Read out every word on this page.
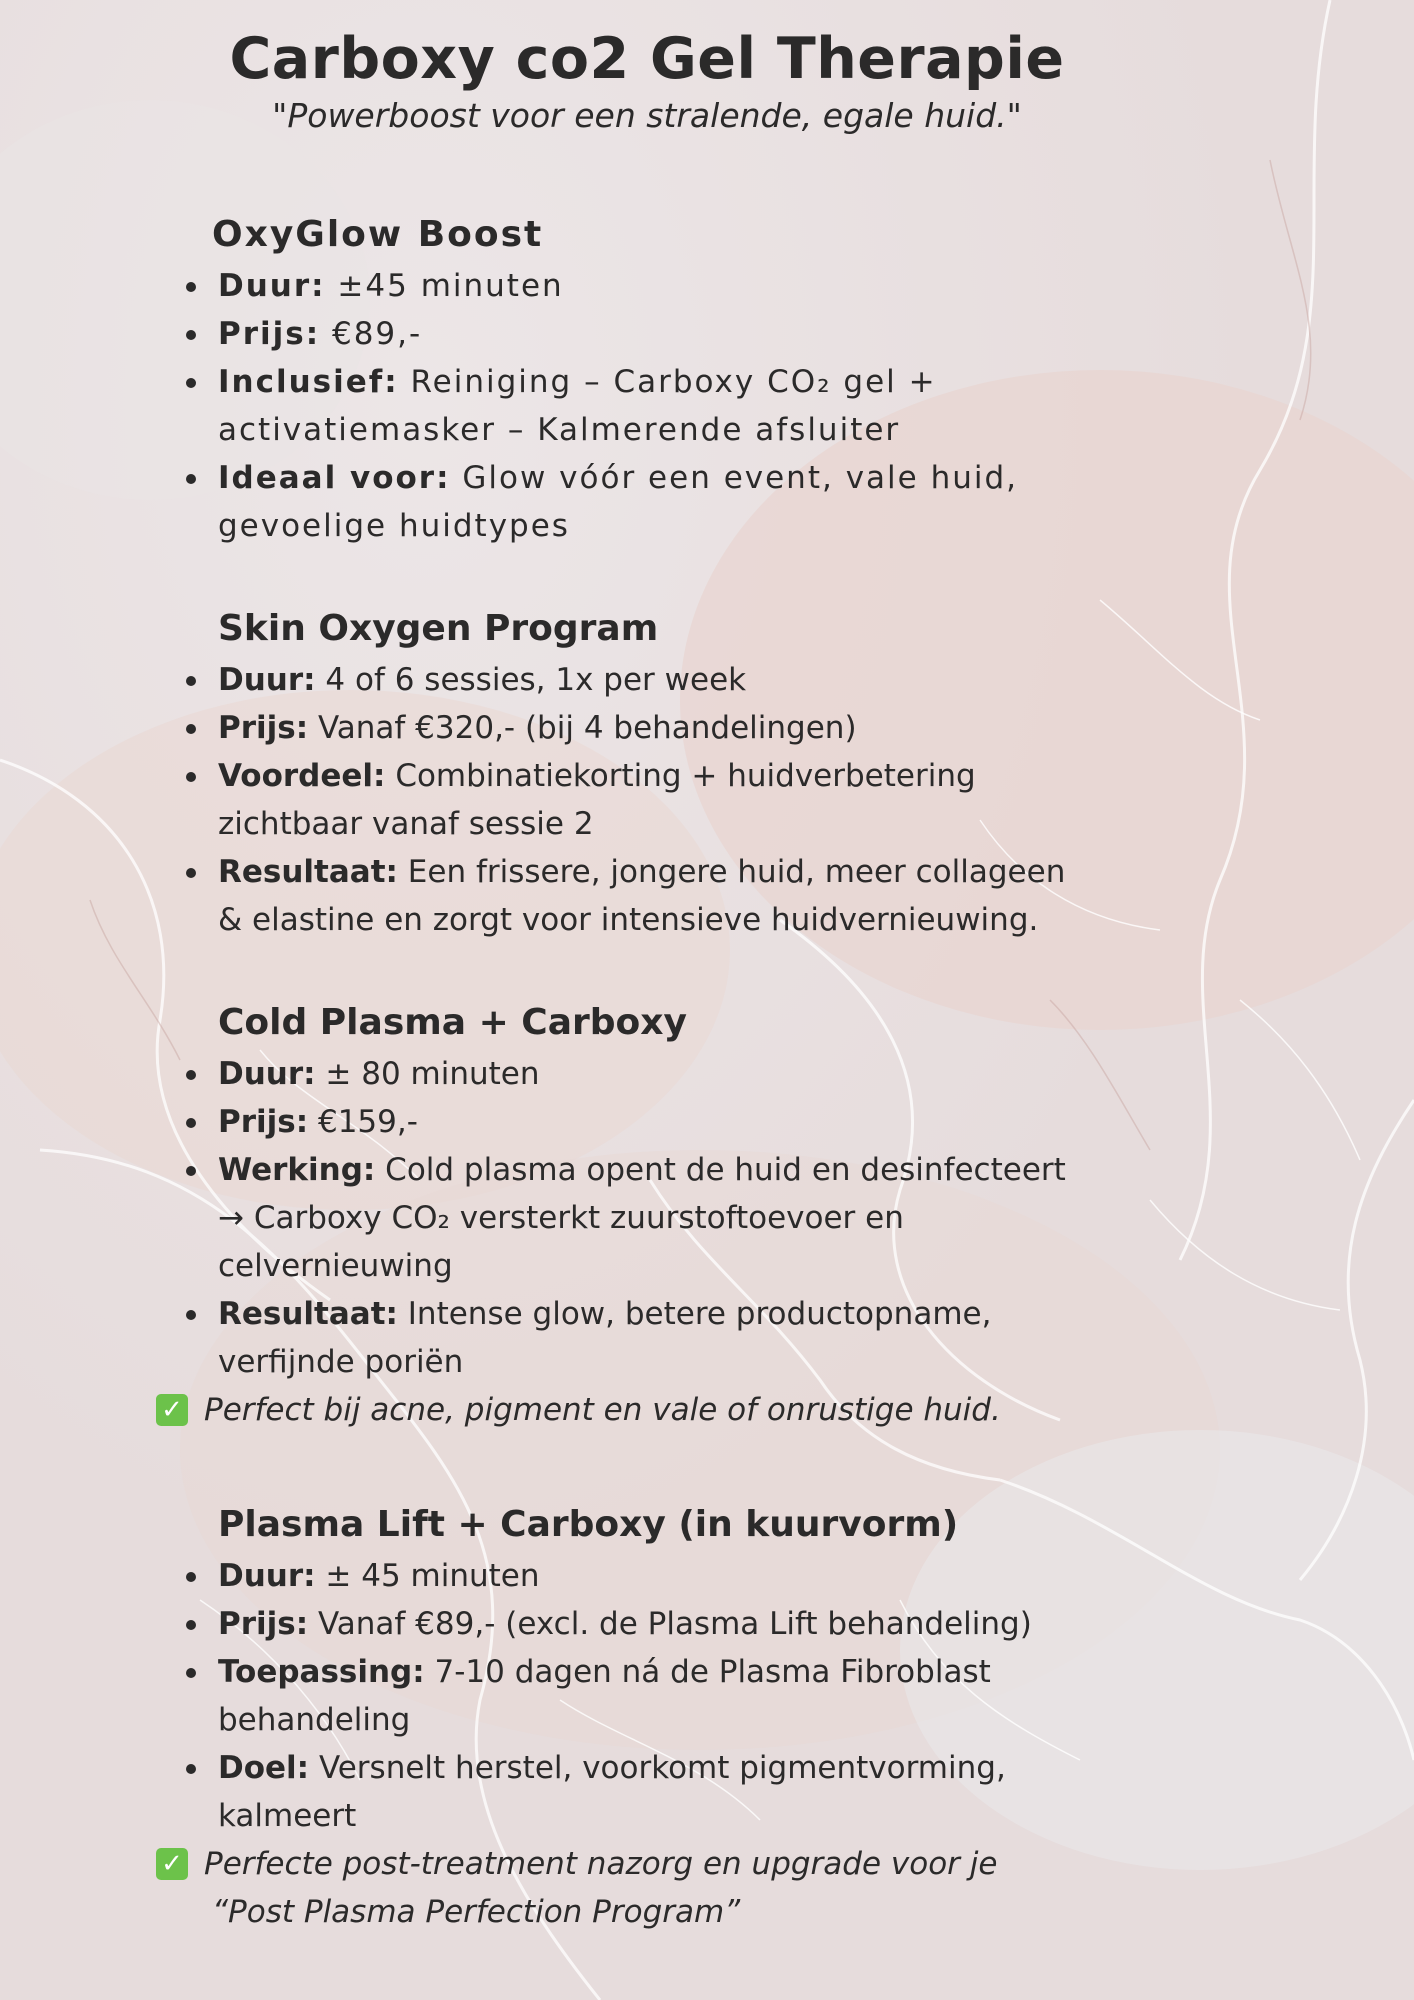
Carboxy co2 Gel Therapie

"Powerboost voor een stralende, egale huid."

OxyGlow Boost
Duur: ±45 minuten
Prijs: €89,-
Inclusief: Reiniging – Carboxy CO₂ gel + activatiemasker – Kalmerende afsluiter
Ideaal voor: Glow vóór een event, vale huid, gevoelige huidtypes
Skin Oxygen Program
Duur: 4 of 6 sessies, 1x per week
Prijs: Vanaf €320,- (bij 4 behandelingen)
Voordeel: Combinatiekorting + huidverbetering zichtbaar vanaf sessie 2
Resultaat: Een frissere, jongere huid, meer collageen & elastine en zorgt voor intensieve huidvernieuwing.
Cold Plasma + Carboxy
Duur: ± 80 minuten
Prijs: €159,-
Werking: Cold plasma opent de huid en desinfecteert → Carboxy CO₂ versterkt zuurstoftoevoer en celvernieuwing
Resultaat: Intense glow, betere productopname, verfijnde poriën
✓ Perfect bij acne, pigment en vale of onrustige huid.
Plasma Lift + Carboxy (in kuurvorm)
Duur: ± 45 minuten
Prijs: Vanaf €89,- (excl. de Plasma Lift behandeling)
Toepassing: 7-10 dagen ná de Plasma Fibroblast behandeling
Doel: Versnelt herstel, voorkomt pigmentvorming, kalmeert
✓ Perfecte post-treatment nazorg en upgrade voor je
“Post Plasma Perfection Program”
